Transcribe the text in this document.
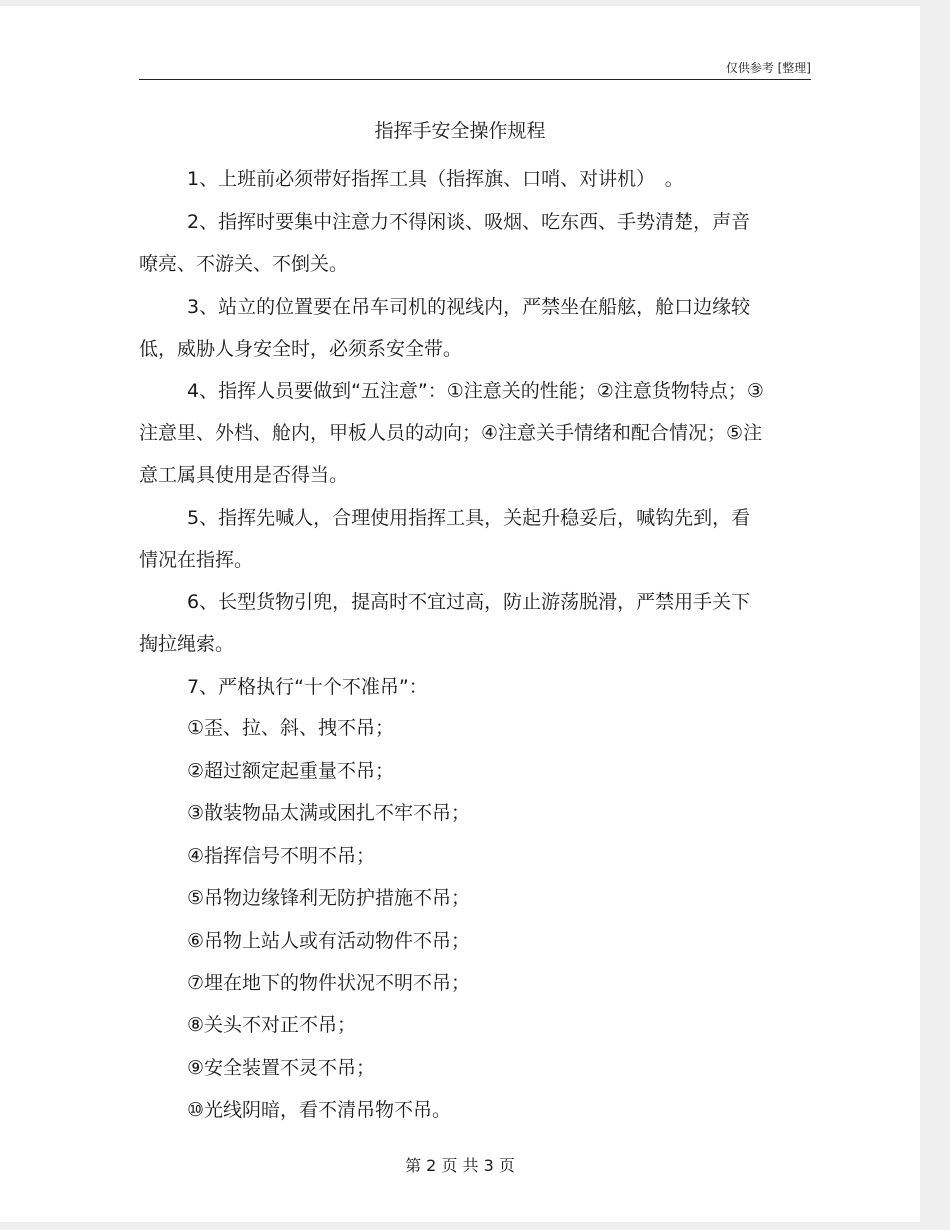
仅供参考 [整理]
指挥手安全操作规程

1、上班前必须带好指挥工具（指挥旗、口哨、对讲机）　。

2、指挥时要集中注意力不得闲谈、吸烟、吃东西、手势清楚，声音嘹亮、不游关、不倒关。

3、站立的位置要在吊车司机的视线内，严禁坐在船舷，舱口边缘较低，威胁人身安全时，必须系安全带。

4、指挥人员要做到“五注意”：①注意关的性能；②注意货物特点；③注意里、外档、舱内，甲板人员的动向；④注意关手情绪和配合情况；⑤注意工属具使用是否得当。

5、指挥先喊人，合理使用指挥工具，关起升稳妥后，喊钩先到，看情况在指挥。

6、长型货物引兜，提高时不宜过高，防止游荡脱滑，严禁用手关下掏拉绳索。

7、严格执行“十个不准吊”：

①歪、拉、斜、拽不吊；

②超过额定起重量不吊；

③散装物品太满或困扎不牢不吊；

④指挥信号不明不吊；

⑤吊物边缘锋利无防护措施不吊；

⑥吊物上站人或有活动物件不吊；

⑦埋在地下的物件状况不明不吊；

⑧关头不对正不吊；

⑨安全装置不灵不吊；

⑩光线阴暗，看不清吊物不吊。

第 2 页 共 3 页
